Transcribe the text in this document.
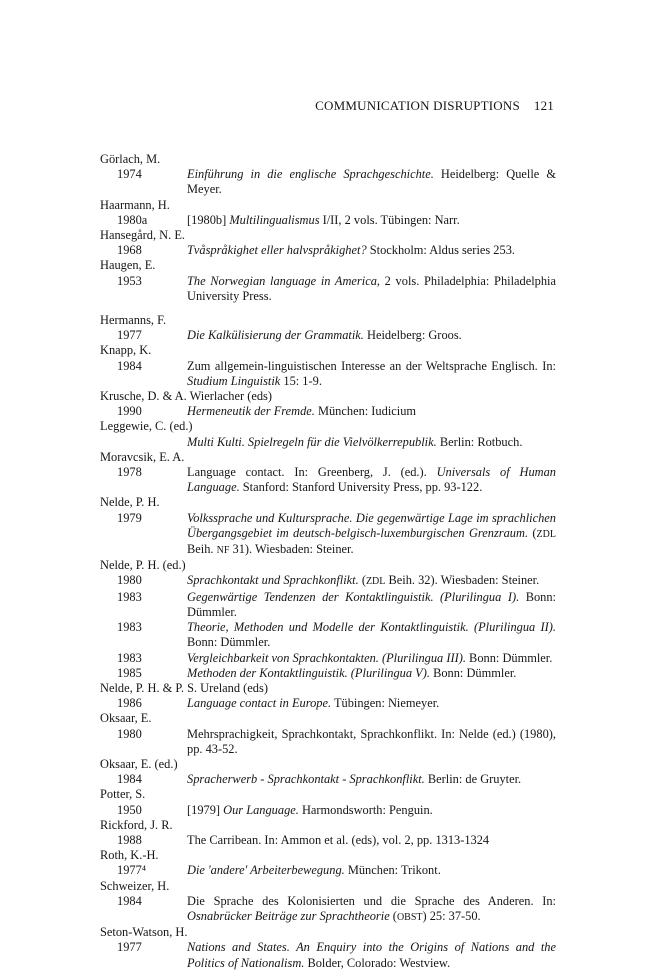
COMMUNICATION DISRUPTIONS 121
Görlach, M.
1974	Einführung in die englische Sprachgeschichte. Heidelberg: Quelle & Meyer.
Haarmann, H.
1980a	[1980b] Multilingualismus I/II, 2 vols. Tübingen: Narr.
Hansegård, N. E.
1968	Tvåspråkighet eller halvspråkighet? Stockholm: Aldus series 253.
Haugen, E.
1953	The Norwegian language in America, 2 vols. Philadelphia: Philadelphia University Press.
Hermanns, F.
1977	Die Kalkülisierung der Grammatik. Heidelberg: Groos.
Knapp, K.
1984	Zum allgemein-linguistischen Interesse an der Weltsprache Englisch. In: Studium Linguistik 15: 1-9.
Krusche, D. & A. Wierlacher (eds)
1990	Hermeneutik der Fremde. München: Iudicium
Leggewie, C. (ed.)
Multi Kulti. Spielregeln für die Vielvölkerrepublik. Berlin: Rotbuch.
Moravcsik, E. A.
1978	Language contact. In: Greenberg, J. (ed.). Universals of Human Language. Stanford: Stanford University Press, pp. 93-122.
Nelde, P. H.
1979	Volkssprache und Kultursprache. Die gegenwärtige Lage im sprachlichen Übergangsgebiet im deutsch-belgisch-luxemburgischen Grenzraum. (ZDL Beih. NF 31). Wiesbaden: Steiner.
Nelde, P. H. (ed.)
1980	Sprachkontakt und Sprachkonflikt. (ZDL Beih. 32). Wiesbaden: Steiner.
1983	Gegenwärtige Tendenzen der Kontaktlinguistik. (Plurilingua I). Bonn: Dümmler.
1983	Theorie, Methoden und Modelle der Kontaktlinguistik. (Plurilingua II). Bonn: Dümmler.
1983	Vergleichbarkeit von Sprachkontakten. (Plurilingua III). Bonn: Dümmler.
1985	Methoden der Kontaktlinguistik. (Plurilingua V). Bonn: Dümmler.
Nelde, P. H. & P. S. Ureland (eds)
1986	Language contact in Europe. Tübingen: Niemeyer.
Oksaar, E.
1980	Mehrsprachigkeit, Sprachkontakt, Sprachkonflikt. In: Nelde (ed.) (1980), pp. 43-52.
Oksaar, E. (ed.)
1984	Spracherwerb - Sprachkontakt - Sprachkonflikt. Berlin: de Gruyter.
Potter, S.
1950	[1979] Our Language. Harmondsworth: Penguin.
Rickford, J. R.
1988	The Carribean. In: Ammon et al. (eds), vol. 2, pp. 1313-1324
Roth, K.-H.
1977⁴	Die 'andere' Arbeiterbewegung. München: Trikont.
Schweizer, H.
1984	Die Sprache des Kolonisierten und die Sprache des Anderen. In: Osnabrücker Beiträge zur Sprachtheorie (OBST) 25: 37-50.
Seton-Watson, H.
1977	Nations and States. An Enquiry into the Origins of Nations and the Politics of Nationalism. Bolder, Colorado: Westview.
